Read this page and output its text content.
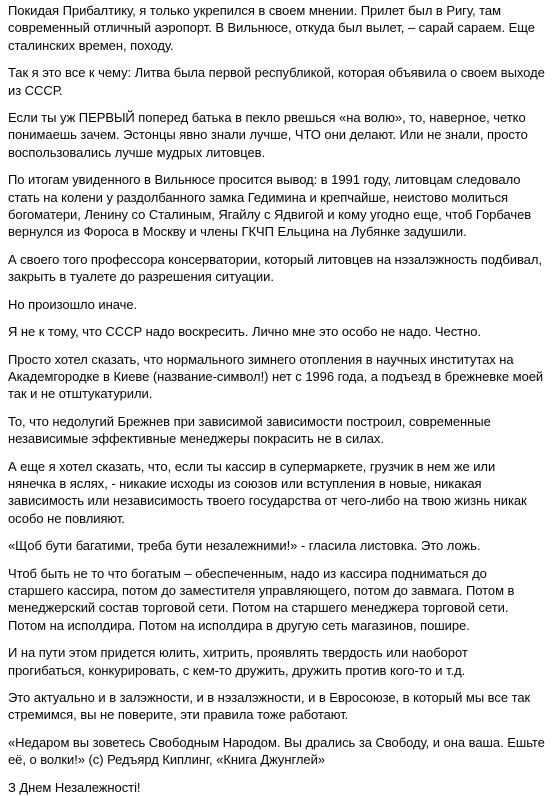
Покидая Прибалтику, я только укрепился в своем мнении. Прилет был в Ригу, там современный отличный аэропорт. В Вильнюсе, откуда был вылет, – сарай сараем. Еще сталинских времен, походу.

Так я это все к чему: Литва была первой республикой, которая объявила о своем выходе из СССР.

Если ты уж ПЕРВЫЙ поперед батька в пекло рвешься «на волю», то, наверное, четко понимаешь зачем. Эстонцы явно знали лучше, ЧТО они делают. Или не знали, просто воспользовались лучше мудрых литовцев.

По итогам увиденного в Вильнюсе просится вывод: в 1991 году, литовцам следовало стать на колени у раздолбанного замка Гедимина и крепчайше, неистово молиться богоматери, Ленину со Сталиным, Ягайлу с Ядвигой и кому угодно еще, чтоб Горбачев вернулся из Фороса в Москву и члены ГКЧП Ельцина на Лубянке задушили.

А своего того профессора консерватории, который литовцев на нэзалэжность подбивал, закрыть в туалете до разрешения ситуации.

Но произошло иначе.

Я не к тому, что СССР надо воскресить. Лично мне это особо не надо. Честно.

Просто хотел сказать, что нормального зимнего отопления в научных институтах на Академгородке в Киеве (название-символ!) нет с 1996 года, а подъезд в брежневке моей так и не отштукатурили.

То, что недолугий Брежнев при зависимой зависимости построил, современные независимые эффективные менеджеры покрасить не в силах.

А еще я хотел сказать, что, если ты кассир в супермаркете, грузчик в нем же или нянечка в яслях, - никакие исходы из союзов или вступления в новые, никакая зависимость или независимость твоего государства от чего-либо на твою жизнь никак особо не повлияют.

«Щоб бути багатими, треба бути незалежними!» - гласила листовка. Это ложь.

Чтоб быть не то что богатым – обеспеченным, надо из кассира подниматься до старшего кассира, потом до заместителя управляющего, потом до завмага. Потом в менеджерский состав торговой сети. Потом на старшего менеджера торговой сети. Потом на исполдира. Потом на исполдира в другую сеть магазинов, пошире.

И на пути этом придется юлить, хитрить, проявлять твердость или наоборот прогибаться, конкурировать, с кем-то дружить, дружить против кого-то и т.д.

Это актуально и в залэжности, и в нэзалэжности, и в Евросоюзе, в который мы все так стремимся, вы не поверите, эти правила тоже работают.

«Недаром вы зоветесь Свободным Народом. Вы дрались за Свободу, и она ваша. Ешьте её, о волки!» (с) Редъярд Киплинг, «Книга Джунглей»

З Днем Незалежності!
